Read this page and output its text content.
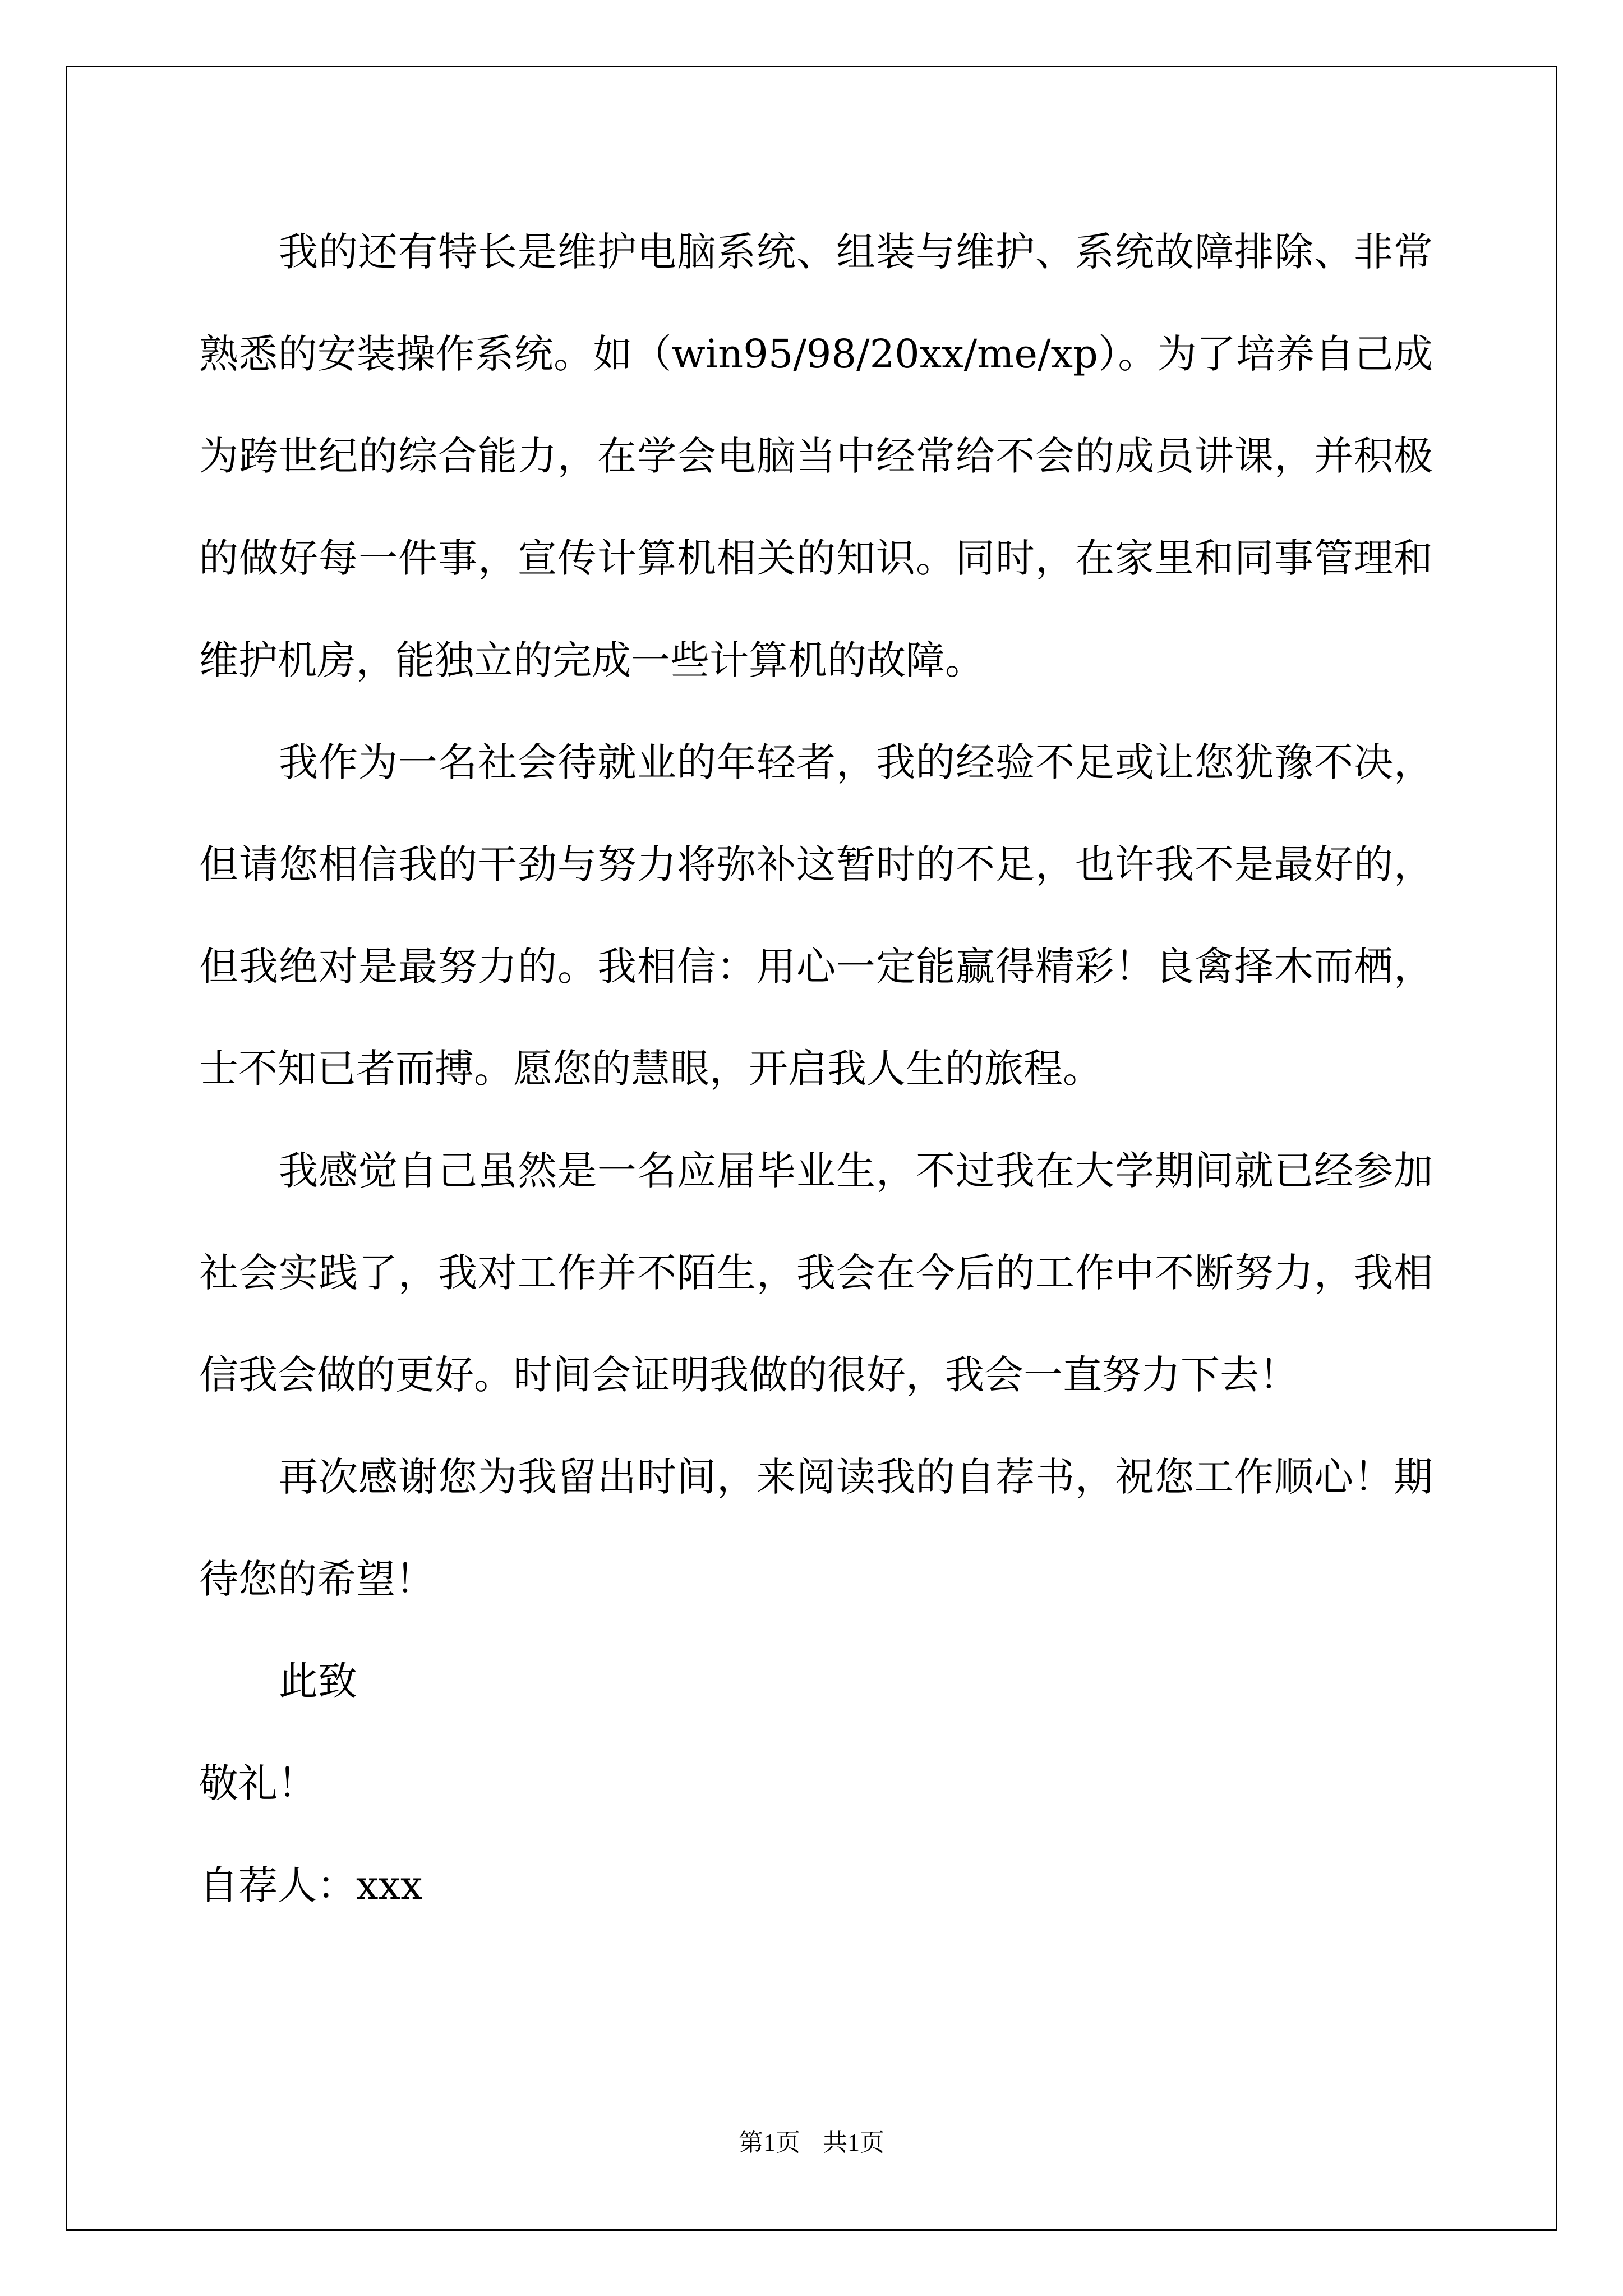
我的还有特长是维护电脑系统、组装与维护、系统故障排除、非常熟悉的安装操作系统。如（win95/98/20xx/me/xp）。为了培养自己成为跨世纪的综合能力，在学会电脑当中经常给不会的成员讲课，并积极的做好每一件事，宣传计算机相关的知识。同时，在家里和同事管理和维护机房，能独立的完成一些计算机的故障。

我作为一名社会待就业的年轻者，我的经验不足或让您犹豫不决，但请您相信我的干劲与努力将弥补这暂时的不足，也许我不是最好的，但我绝对是最努力的。我相信：用心一定能赢得精彩！良禽择木而栖，士不知已者而搏。愿您的慧眼，开启我人生的旅程。

我感觉自己虽然是一名应届毕业生，不过我在大学期间就已经参加社会实践了，我对工作并不陌生，我会在今后的工作中不断努力，我相信我会做的更好。时间会证明我做的很好，我会一直努力下去！

再次感谢您为我留出时间，来阅读我的自荐书，祝您工作顺心！期待您的希望！

此致

敬礼！

自荐人：xxx

第1页 共1页
